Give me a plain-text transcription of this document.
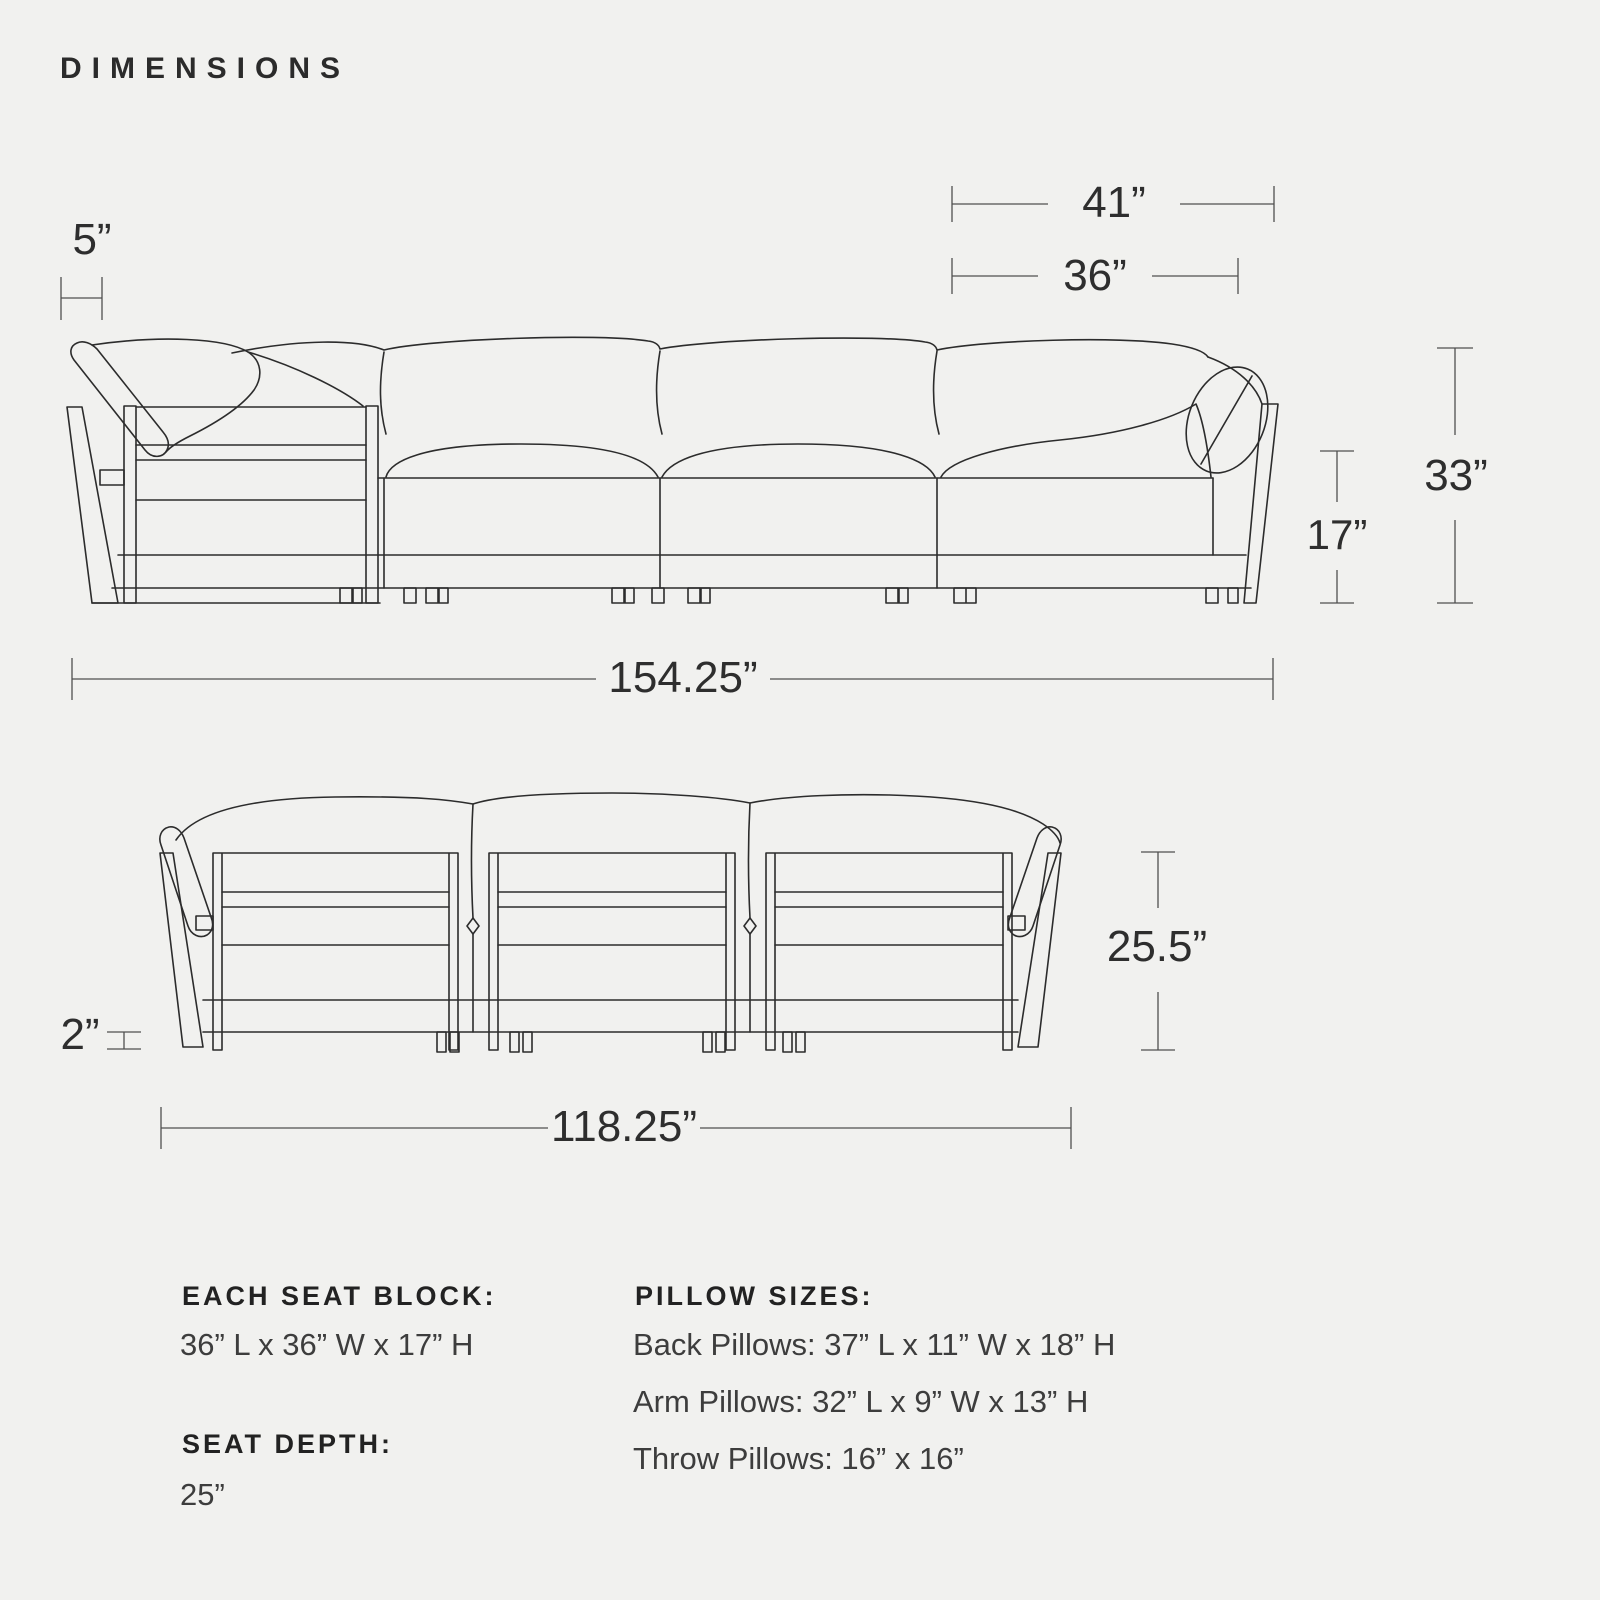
DIMENSIONS
5”
41”
36”
33”
17”
154.25”
25.5”
2”
118.25”
EACH SEAT BLOCK:
36” L x 36” W x 17” H
SEAT DEPTH:
25”
PILLOW SIZES:
Back Pillows: 37” L x 11” W x 18” H
Arm Pillows: 32” L x 9” W x 13” H
Throw Pillows: 16” x 16”
